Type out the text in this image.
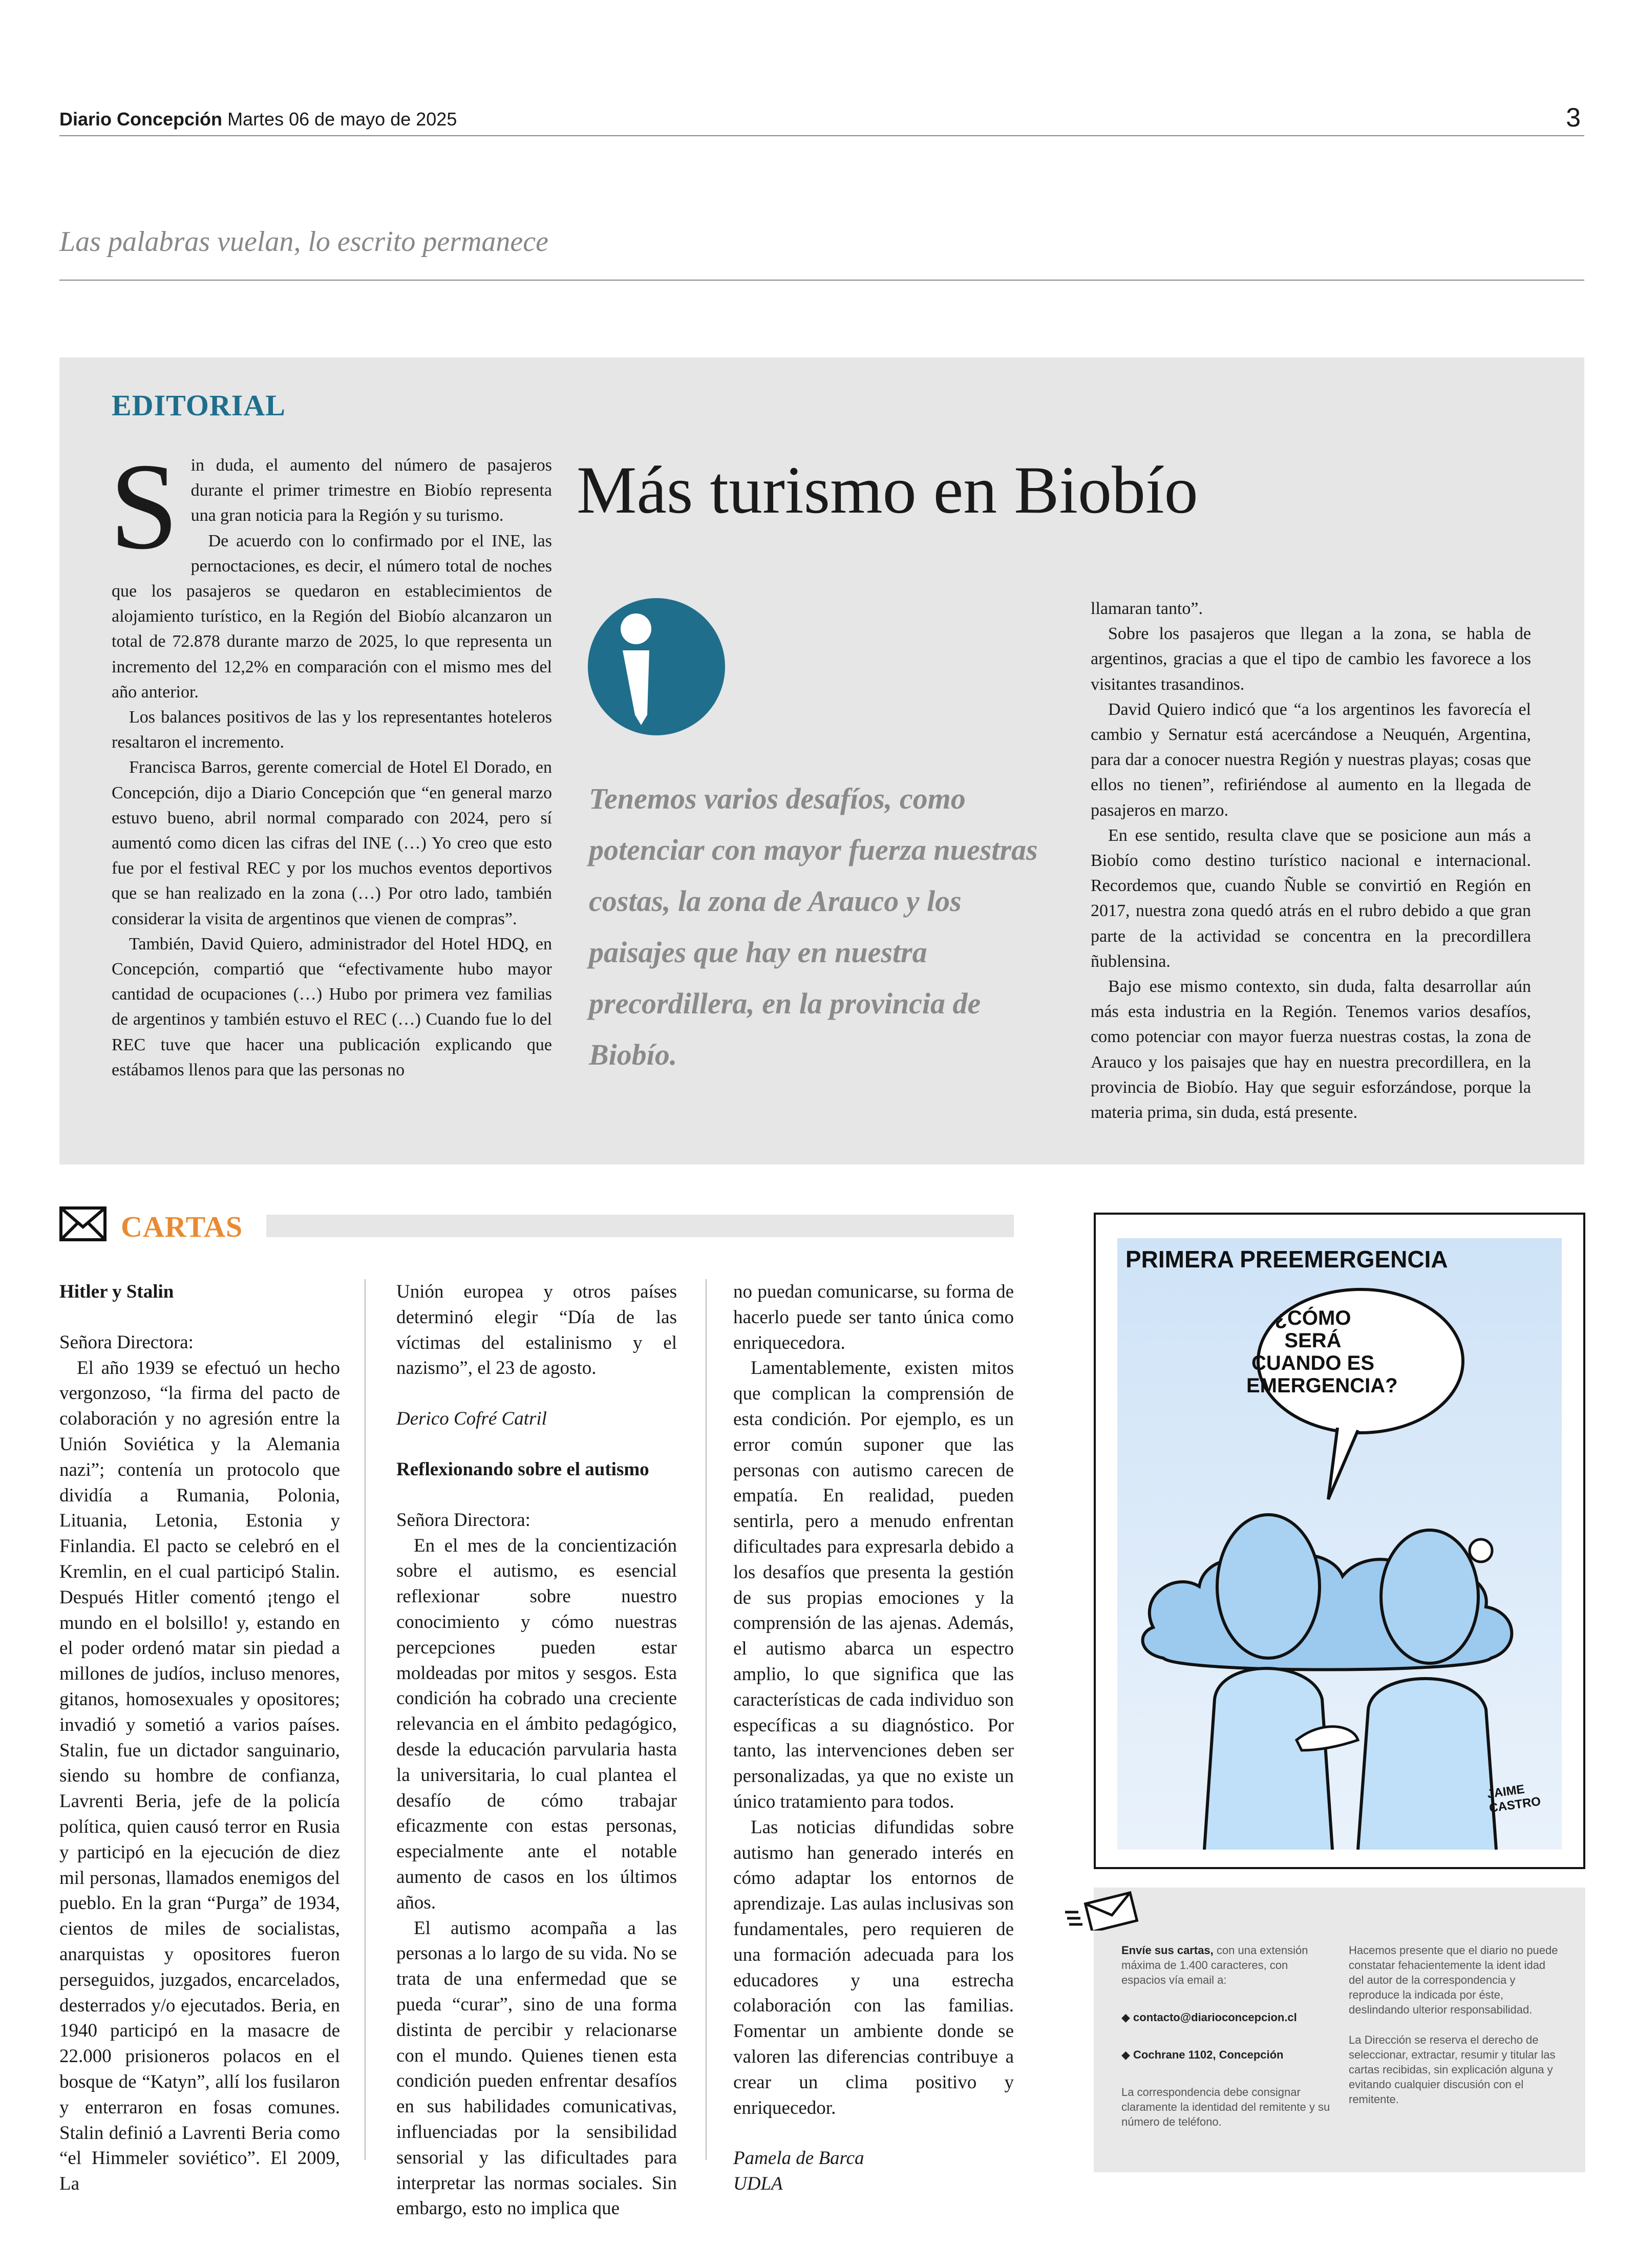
Diario Concepción Martes 06 de mayo de 2025	3
Las palabras vuelan, lo escrito permanece
EDITORIAL
Más turismo en Biobío
S in duda, el aumento del número de pasajeros durante el primer trimestre en Biobío representa una gran noticia para la Región y su turismo.

De acuerdo con lo confirmado por el INE, las pernoctaciones, es decir, el número total de noches que los pasajeros se quedaron en establecimientos de alojamiento turístico, en la Región del Biobío alcanzaron un total de 72.878 durante marzo de 2025, lo que representa un incremento del 12,2% en comparación con el mismo mes del año anterior.

Los balances positivos de las y los representantes hoteleros resaltaron el incremento.

Francisca Barros, gerente comercial de Hotel El Dorado, en Concepción, dijo a Diario Concepción que “en general marzo estuvo bueno, abril normal comparado con 2024, pero sí aumentó como dicen las cifras del INE (…) Yo creo que esto fue por el festival REC y por los muchos eventos deportivos que se han realizado en la zona (…) Por otro lado, también considerar la visita de argentinos que vienen de compras”.

También, David Quiero, administrador del Hotel HDQ, en Concepción, compartió que “efectivamente hubo mayor cantidad de ocupaciones (…) Hubo por primera vez familias de argentinos y también estuvo el REC (…) Cuando fue lo del REC tuve que hacer una publicación explicando que estábamos llenos para que las personas no

Tenemos varios desafíos, como potenciar con mayor fuerza nuestras costas, la zona de Arauco y los paisajes que hay en nuestra precordillera, en la provincia de Biobío.

llamaran tanto”.

Sobre los pasajeros que llegan a la zona, se habla de argentinos, gracias a que el tipo de cambio les favorece a los visitantes trasandinos.

David Quiero indicó que “a los argentinos les favorecía el cambio y Sernatur está acercándose a Neuquén, Argentina, para dar a conocer nuestra Región y nuestras playas; cosas que ellos no tienen”, refiriéndose al aumento en la llegada de pasajeros en marzo.

En ese sentido, resulta clave que se posicione aun más a Biobío como destino turístico nacional e internacional. Recordemos que, cuando Ñuble se convirtió en Región en 2017, nuestra zona quedó atrás en el rubro debido a que gran parte de la actividad se concentra en la precordillera ñublensina.

Bajo ese mismo contexto, sin duda, falta desarrollar aún más esta industria en la Región. Tenemos varios desafíos, como potenciar con mayor fuerza nuestras costas, la zona de Arauco y los paisajes que hay en nuestra precordillera, en la provincia de Biobío. Hay que seguir esforzándose, porque la materia prima, sin duda, está presente.

CARTAS

Hitler y Stalin

Señora Directora:

El año 1939 se efectuó un hecho vergonzoso, “la firma del pacto de colaboración y no agresión entre la Unión Soviética y la Alemania nazi”; contenía un protocolo que dividía a Rumania, Polonia, Lituania, Letonia, Estonia y Finlandia. El pacto se celebró en el Kremlin, en el cual participó Stalin. Después Hitler comentó ¡tengo el mundo en el bolsillo! y, estando en el poder ordenó matar sin piedad a millones de judíos, incluso menores, gitanos, homosexuales y opositores; invadió y sometió a varios países. Stalin, fue un dictador sanguinario, siendo su hombre de confianza, Lavrenti Beria, jefe de la policía política, quien causó terror en Rusia y participó en la ejecución de diez mil personas, llamados enemigos del pueblo. En la gran “Purga” de 1934, cientos de miles de socialistas, anarquistas y opositores fueron perseguidos, juzgados, encarcelados, desterrados y/o ejecutados. Beria, en 1940 participó en la masacre de 22.000 prisioneros polacos en el bosque de “Katyn”, allí los fusilaron y enterraron en fosas comunes. Stalin definió a Lavrenti Beria como “el Himmeler soviético”. El 2009, La

Unión europea y otros países determinó elegir “Día de las víctimas del estalinismo y el nazismo”, el 23 de agosto.

Derico Cofré Catril

Reflexionando sobre el autismo

Señora Directora:

En el mes de la concientización sobre el autismo, es esencial reflexionar sobre nuestro conocimiento y cómo nuestras percepciones pueden estar moldeadas por mitos y sesgos. Esta condición ha cobrado una creciente relevancia en el ámbito pedagógico, desde la educación parvularia hasta la universitaria, lo cual plantea el desafío de cómo trabajar eficazmente con estas personas, especialmente ante el notable aumento de casos en los últimos años.

El autismo acompaña a las personas a lo largo de su vida. No se trata de una enfermedad que se pueda “curar”, sino de una forma distinta de percibir y relacionarse con el mundo. Quienes tienen esta condición pueden enfrentar desafíos en sus habilidades comunicativas, influenciadas por la sensibilidad sensorial y las dificultades para interpretar las normas sociales. Sin embargo, esto no implica que

no puedan comunicarse, su forma de hacerlo puede ser tanto única como enriquecedora.

Lamentablemente, existen mitos que complican la comprensión de esta condición. Por ejemplo, es un error común suponer que las personas con autismo carecen de empatía. En realidad, pueden sentirla, pero a menudo enfrentan dificultades para expresarla debido a los desafíos que presenta la gestión de sus propias emociones y la comprensión de las ajenas. Además, el autismo abarca un espectro amplio, lo que significa que las características de cada individuo son específicas a su diagnóstico. Por tanto, las intervenciones deben ser personalizadas, ya que no existe un único tratamiento para todos.

Las noticias difundidas sobre autismo han generado interés en cómo adaptar los entornos de aprendizaje. Las aulas inclusivas son fundamentales, pero requieren de una formación adecuada para los educadores y una estrecha colaboración con las familias. Fomentar un ambiente donde se valoren las diferencias contribuye a crear un clima positivo y enriquecedor.

Pamela de Barca

UDLA

PRIMERA PREEMERGENCIA
¿CÓMO SERÁ CUANDO ES EMERGENCIA?
JAIME CASTRO
Envíe sus cartas, con una extensión máxima de 1.400 caracteres, con espacios vía email a:
◆ contacto@diarioconcepcion.cl
◆ Cochrane 1102, Concepción
La correspondencia debe consignar claramente la identidad del remitente y su número de teléfono.
Hacemos presente que el diario no puede constatar fehacientemente la ident idad del autor de la correspondencia y reproduce la indicada por éste, deslindando ulterior responsabilidad.
La Dirección se reserva el derecho de seleccionar, extractar, resumir y titular las cartas recibidas, sin explicación alguna y evitando cualquier discusión con el remitente.
